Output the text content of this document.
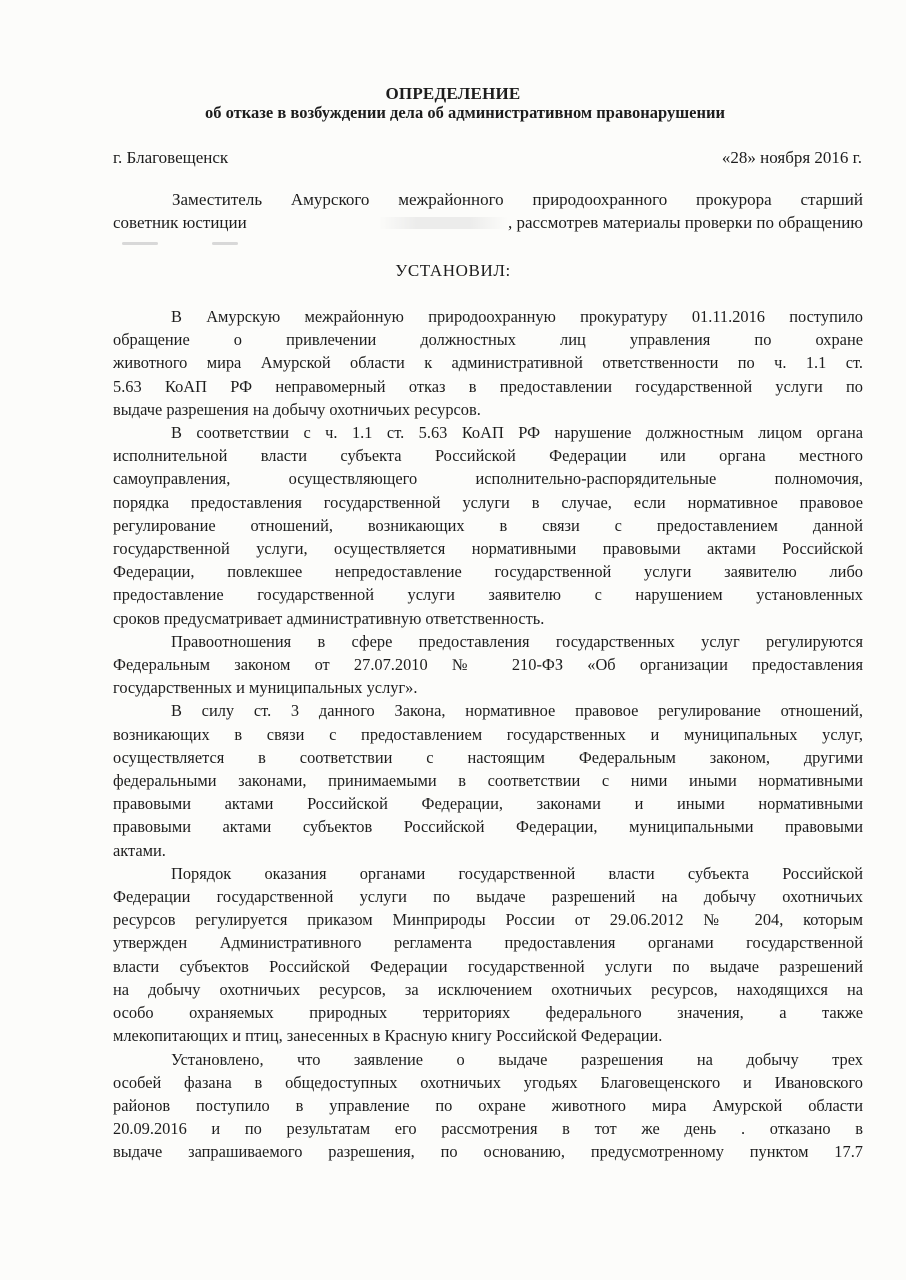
ОПРЕДЕЛЕНИЕ
об отказе в возбуждении дела об административном правонарушении
г. Благовещенск	«28» ноября 2016 г.
Заместитель Амурского межрайонного природоохранного прокурора старший
советник юстиции	, рассмотрев материалы проверки по обращению
УСТАНОВИЛ:
В Амурскую межрайонную природоохранную прокуратуру 01.11.2016 поступило
обращение о привлечении должностных лиц управления по охране
животного мира Амурской области к административной ответственности по ч. 1.1 ст.
5.63 КоАП РФ неправомерный отказ в предоставлении государственной услуги по
выдаче разрешения на добычу охотничьих ресурсов.
В соответствии с ч. 1.1 ст. 5.63 КоАП РФ нарушение должностным лицом органа
исполнительной власти субъекта Российской Федерации или органа местного
самоуправления, осуществляющего исполнительно-распорядительные полномочия,
порядка предоставления государственной услуги в случае, если нормативное правовое
регулирование отношений, возникающих в связи с предоставлением данной
государственной услуги, осуществляется нормативными правовыми актами Российской
Федерации, повлекшее непредоставление государственной услуги заявителю либо
предоставление государственной услуги заявителю с нарушением установленных
сроков предусматривает административную ответственность.
Правоотношения в сфере предоставления государственных услуг регулируются
Федеральным законом от 27.07.2010 № 210-ФЗ «Об организации предоставления
государственных и муниципальных услуг».
В силу ст. 3 данного Закона, нормативное правовое регулирование отношений,
возникающих в связи с предоставлением государственных и муниципальных услуг,
осуществляется в соответствии с настоящим Федеральным законом, другими
федеральными законами, принимаемыми в соответствии с ними иными нормативными
правовыми актами Российской Федерации, законами и иными нормативными
правовыми актами субъектов Российской Федерации, муниципальными правовыми
актами.
Порядок оказания органами государственной власти субъекта Российской
Федерации государственной услуги по выдаче разрешений на добычу охотничьих
ресурсов регулируется приказом Минприроды России от 29.06.2012 № 204, которым
утвержден Административного регламента предоставления органами государственной
власти субъектов Российской Федерации государственной услуги по выдаче разрешений
на добычу охотничьих ресурсов, за исключением охотничьих ресурсов, находящихся на
особо охраняемых природных территориях федерального значения, а также
млекопитающих и птиц, занесенных в Красную книгу Российской Федерации.
Установлено, что заявление о выдаче разрешения на добычу трех
особей фазана в общедоступных охотничьих угодьях Благовещенского и Ивановского
районов поступило в управление по охране животного мира Амурской области
20.09.2016 и по результатам его рассмотрения в тот же день . отказано в
выдаче запрашиваемого разрешения, по основанию, предусмотренному пунктом 17.7
